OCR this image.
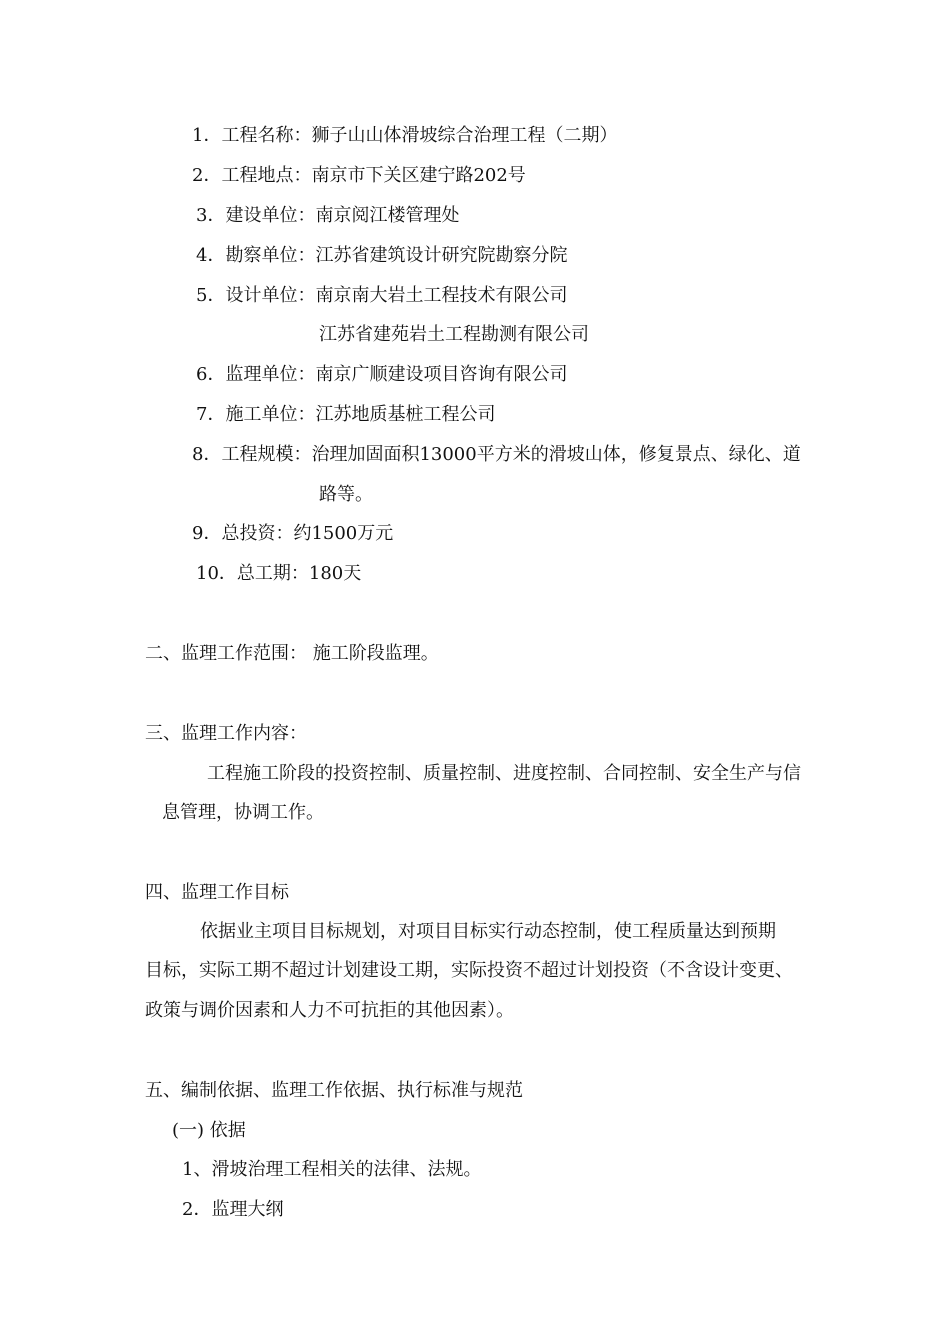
1．工程名称：狮子山山体滑坡综合治理工程（二期）
2．工程地点：南京市下关区建宁路202号
3．建设单位：南京阅江楼管理处
4．勘察单位：江苏省建筑设计研究院勘察分院
5．设计单位：南京南大岩土工程技术有限公司
江苏省建苑岩土工程勘测有限公司
6．监理单位：南京广顺建设项目咨询有限公司
7．施工单位：江苏地质基桩工程公司
8．工程规模：治理加固面积13000平方米的滑坡山体，修复景点、绿化、道
路等。
9．总投资：约1500万元
10．总工期：180天
二、监理工作范围： 施工阶段监理。
三、监理工作内容：
工程施工阶段的投资控制、质量控制、进度控制、合同控制、安全生产与信
息管理，协调工作。
四、监理工作目标
依据业主项目目标规划，对项目目标实行动态控制，使工程质量达到预期
目标，实际工期不超过计划建设工期，实际投资不超过计划投资（不含设计变更、
政策与调价因素和人力不可抗拒的其他因素）。
五、编制依据、监理工作依据、执行标准与规范
(一) 依据
1、滑坡治理工程相关的法律、法规。
2．监理大纲
